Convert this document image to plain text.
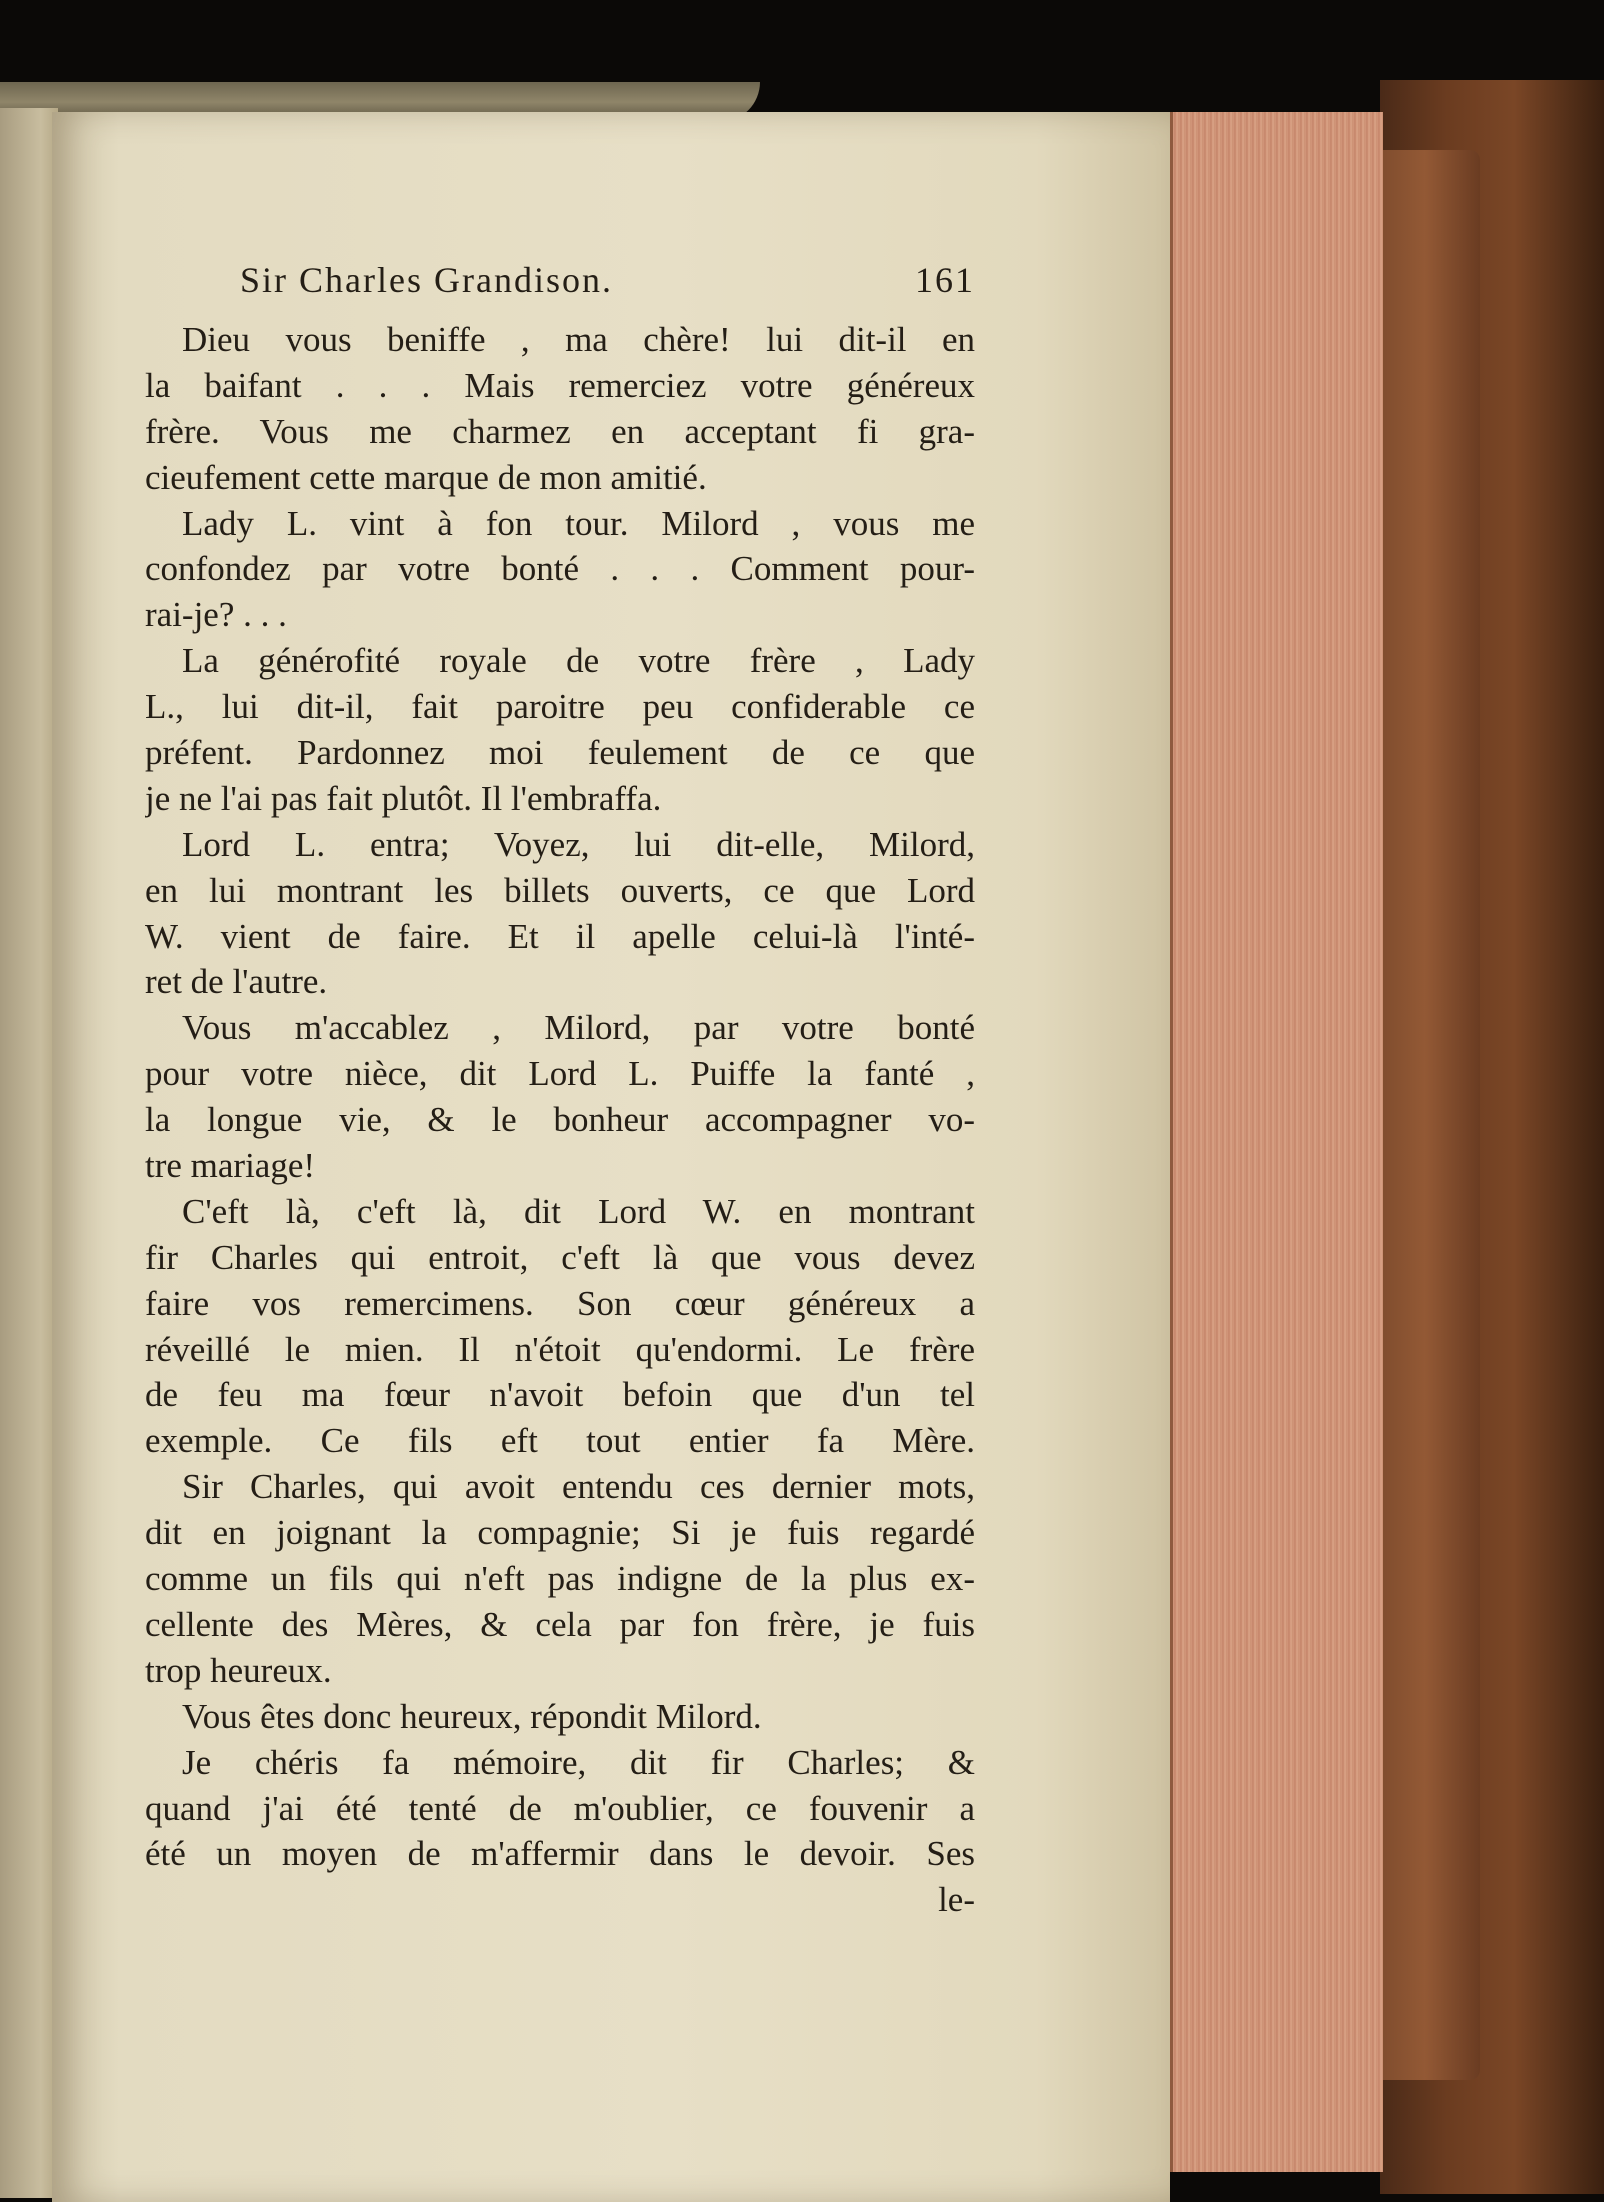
Sir Charles Grandison.	161
Dieu vous beniffe , ma chère! lui dit-il en
la baifant . . . Mais remerciez votre généreux
frère. Vous me charmez en acceptant fi gra-
cieufement cette marque de mon amitié.
Lady L. vint à fon tour. Milord , vous me
confondez par votre bonté . . . Comment pour-
rai-je? . . .
La générofité royale de votre frère , Lady
L., lui dit-il, fait paroitre peu confiderable ce
préfent. Pardonnez moi feulement de ce que
je ne l'ai pas fait plutôt. Il l'embraffa.
Lord L. entra; Voyez, lui dit-elle, Milord,
en lui montrant les billets ouverts, ce que Lord
W. vient de faire. Et il apelle celui-là l'inté-
ret de l'autre.
Vous m'accablez , Milord, par votre bonté
pour votre nièce, dit Lord L. Puiffe la fanté ,
la longue vie, & le bonheur accompagner vo-
tre mariage!
C'eft là, c'eft là, dit Lord W. en montrant
fir Charles qui entroit, c'eft là que vous devez
faire vos remercimens. Son cœur généreux a
réveillé le mien. Il n'étoit qu'endormi. Le frère
de feu ma fœur n'avoit befoin que d'un tel
exemple. Ce fils eft tout entier fa Mère.
Sir Charles, qui avoit entendu ces dernier mots,
dit en joignant la compagnie; Si je fuis regardé
comme un fils qui n'eft pas indigne de la plus ex-
cellente des Mères, & cela par fon frère, je fuis
trop heureux.
Vous êtes donc heureux, répondit Milord.
Je chéris fa mémoire, dit fir Charles; &
quand j'ai été tenté de m'oublier, ce fouvenir a
été un moyen de m'affermir dans le devoir. Ses
le-
